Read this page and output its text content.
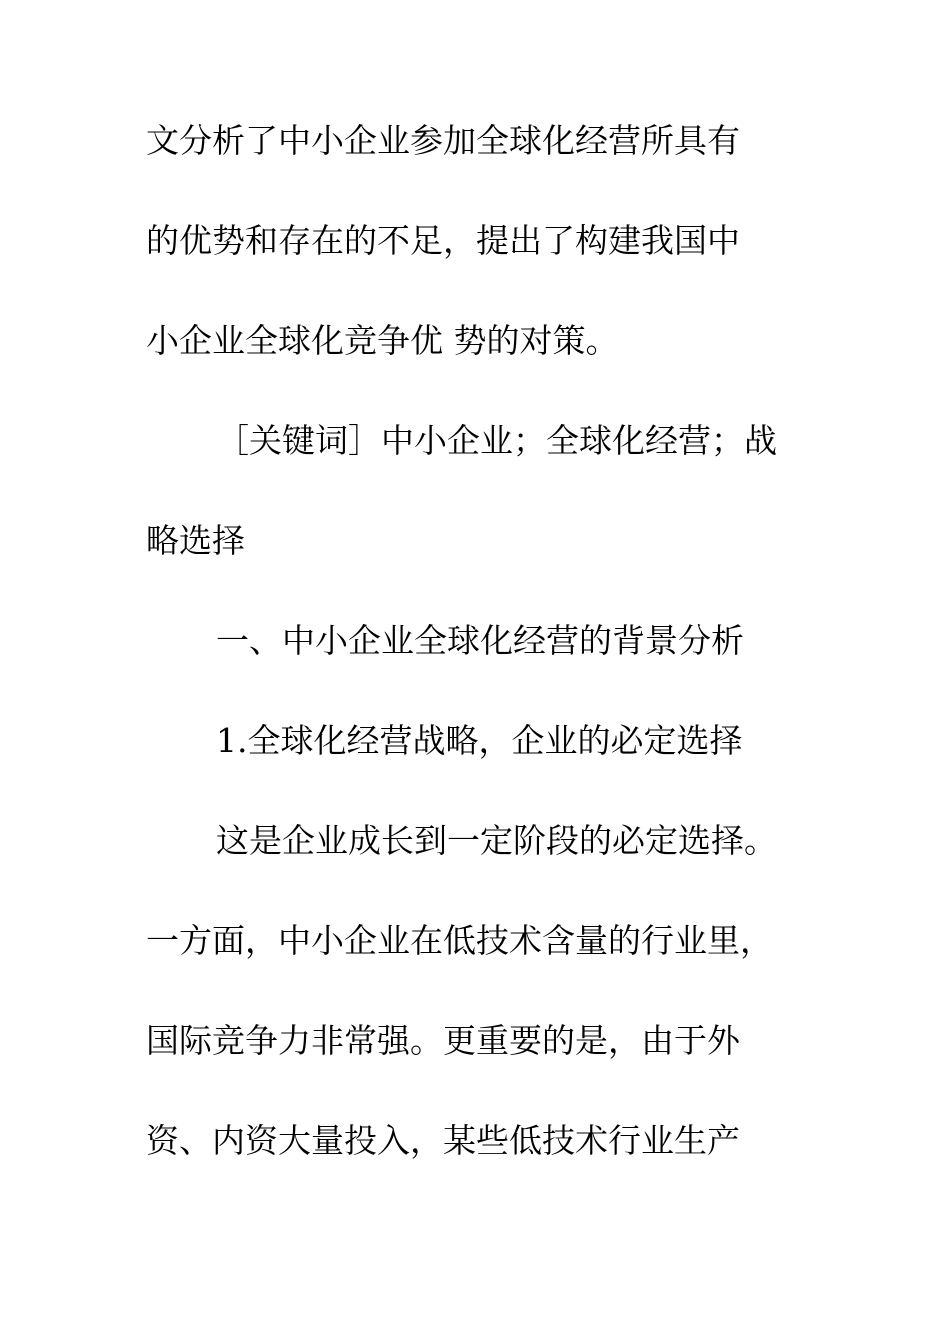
文分析了中小企业参加全球化经营所具有
的优势和存在的不足，提出了构建我国中
小企业全球化竞争优 势的对策。
［关键词］中小企业；全球化经营；战
略选择
一、中小企业全球化经营的背景分析
1.全球化经营战略，企业的必定选择
这是企业成长到一定阶段的必定选择。
一方面，中小企业在低技术含量的行业里，
国际竞争力非常强。更重要的是，由于外
资、内资大量投入，某些低技术行业生产
